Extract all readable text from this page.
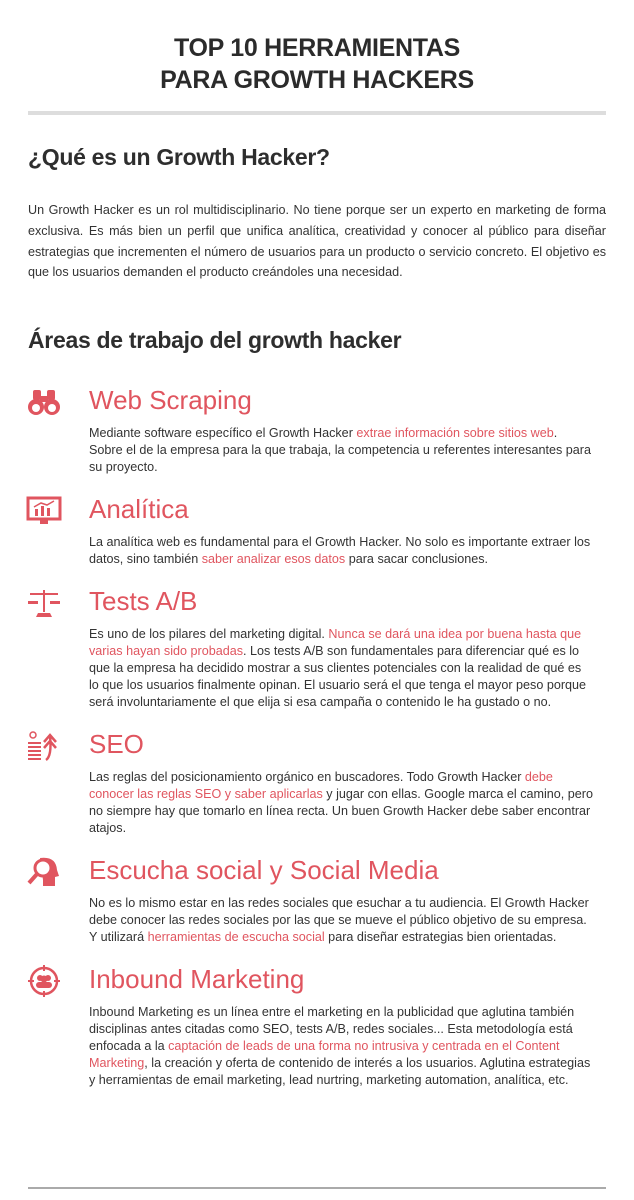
TOP 10 HERRAMIENTAS
PARA GROWTH HACKERS
¿Qué es un Growth Hacker?

Un Growth Hacker es un rol multidisciplinario. No tiene porque ser un experto en marketing de forma exclusiva. Es más bien un perfil que unifica analítica, creatividad y conocer al público para diseñar estrategias que incrementen el número de usuarios para un producto o servicio concreto. El objetivo es que los usuarios demanden el producto creándoles una necesidad.

Áreas de trabajo del growth hacker
Web Scraping

Mediante software específico el Growth Hacker extrae información sobre sitios web. Sobre el de la empresa para la que trabaja, la competencia u referentes interesantes para su proyecto.

Analítica

La analítica web es fundamental para el Growth Hacker. No solo es importante extraer los datos, sino también saber analizar esos datos para sacar conclusiones.

Tests A/B

Es uno de los pilares del marketing digital. Nunca se dará una idea por buena hasta que varias hayan sido probadas. Los tests A/B son fundamentales para diferenciar qué es lo que la empresa ha decidido mostrar a sus clientes potenciales con la realidad de qué es lo que los usuarios finalmente opinan. El usuario será el que tenga el mayor peso porque será involuntariamente el que elija si esa campaña o contenido le ha gustado o no.

SEO

Las reglas del posicionamiento orgánico en buscadores. Todo Growth Hacker debe conocer las reglas SEO y saber aplicarlas y jugar con ellas. Google marca el camino, pero no siempre hay que tomarlo en línea recta. Un buen Growth Hacker debe saber encontrar atajos.

Escucha social y Social Media

No es lo mismo estar en las redes sociales que esuchar a tu audiencia. El Growth Hacker debe conocer las redes sociales por las que se mueve el público objetivo de su empresa. Y utilizará herramientas de escucha social para diseñar estrategias bien orientadas.

Inbound Marketing

Inbound Marketing es un línea entre el marketing en la publicidad que aglutina también disciplinas antes citadas como SEO, tests A/B, redes sociales... Esta metodología está enfocada a la captación de leads de una forma no intrusiva y centrada en el Content Marketing, la creación y oferta de contenido de interés a los usuarios. Aglutina estrategias y herramientas de email marketing, lead nurtring, marketing automation, analítica, etc.
